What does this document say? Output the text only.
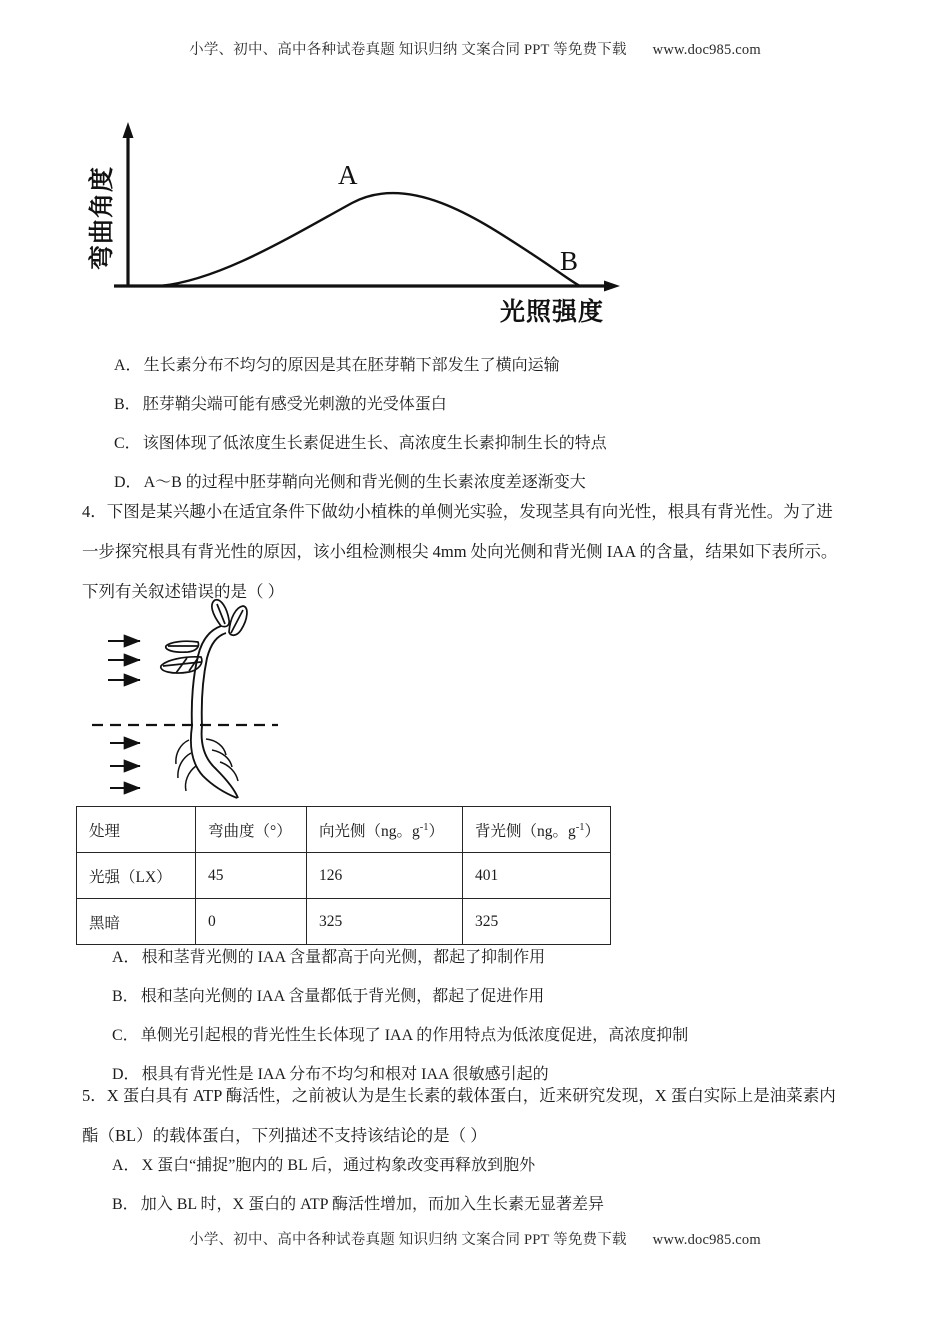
小学、初中、高中各种试卷真题 知识归纳 文案合同 PPT 等免费下载 www.doc985.com
A
B
弯曲角度
光照强度
A． 生长素分布不均匀的原因是其在胚芽鞘下部发生了横向运输
B． 胚芽鞘尖端可能有感受光刺激的光受体蛋白
C． 该图体现了低浓度生长素促进生长、高浓度生长素抑制生长的特点
D． A～B 的过程中胚芽鞘向光侧和背光侧的生长素浓度差逐渐变大
4．下图是某兴趣小在适宜条件下做幼小植株的单侧光实验，发现茎具有向光性，根具有背光性。为了进
一步探究根具有背光性的原因，该小组检测根尖 4mm 处向光侧和背光侧 IAA 的含量，结果如下表所示。
下列有关叙述错误的是（ ）
处理	弯曲度（°）	向光侧（ng。$g^{-1}$）	背光侧（ng。$g^{-1}$）
光强（LX）	45	126	401
黑暗	0	325	325
A． 根和茎背光侧的 IAA 含量都高于向光侧，都起了抑制作用
B． 根和茎向光侧的 IAA 含量都低于背光侧，都起了促进作用
C． 单侧光引起根的背光性生长体现了 IAA 的作用特点为低浓度促进，高浓度抑制
D． 根具有背光性是 IAA 分布不均匀和根对 IAA 很敏感引起的
5．X 蛋白具有 ATP 酶活性，之前被认为是生长素的载体蛋白，近来研究发现，X 蛋白实际上是油菜素内
酯（BL）的载体蛋白，下列描述不支持该结论的是（ ）
A． X 蛋白“捕捉”胞内的 BL 后，通过构象改变再释放到胞外
B． 加入 BL 时，X 蛋白的 ATP 酶活性增加，而加入生长素无显著差异
小学、初中、高中各种试卷真题 知识归纳 文案合同 PPT 等免费下载 www.doc985.com
